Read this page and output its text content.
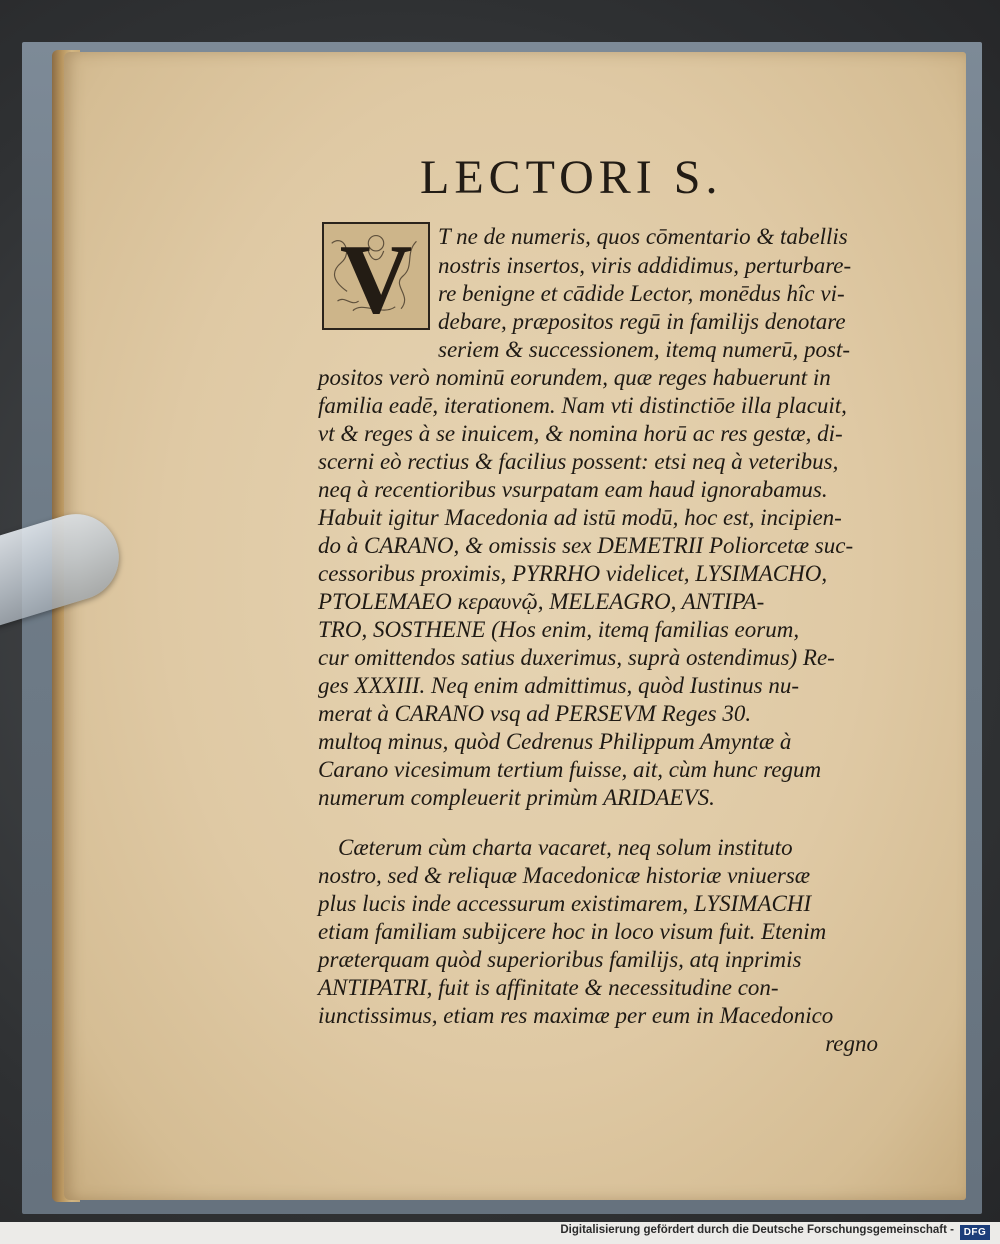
LECTORI S.
V T ne de numeris, quos cōmentario & tabellis
nostris insertos, viris addidimus, perturbare-
re benigne et cādide Lector, monēdus hîc vi-
debare, præpositos regū in familijs denotare
seriem & successionem, itemq numerū, post-
positos verò nominū eorundem, quæ reges habuerunt in
familia eadē, iterationem. Nam vti distinctiōe illa placuit,
vt & reges à se inuicem, & nomina horū ac res gestæ, di-
scerni eò rectius & facilius possent: etsi neq à veteribus,
neq à recentioribus vsurpatam eam haud ignorabamus.
Habuit igitur Macedonia ad istū modū, hoc est, incipien-
do à CARANO, & omissis sex DEMETRII Poliorcetæ suc-
cessoribus proximis, PYRRHO videlicet, LYSIMACHO,
PTOLEMAEO κεραυνῷ, MELEAGRO, ANTIPA-
TRO, SOSTHENE (Hos enim, itemq familias eorum,
cur omittendos satius duxerimus, suprà ostendimus) Re-
ges XXXIII. Neq enim admittimus, quòd Iustinus nu-
merat à CARANO vsq ad PERSEVM Reges 30.
multoq minus, quòd Cedrenus Philippum Amyntæ à
Carano vicesimum tertium fuisse, ait, cùm hunc regum
numerum compleuerit primùm ARIDAEVS.
Cæterum cùm charta vacaret, neq solum instituto
nostro, sed & reliquæ Macedonicæ historiæ vniuersæ
plus lucis inde accessurum existimarem, LYSIMACHI
etiam familiam subijcere hoc in loco visum fuit. Etenim
præterquam quòd superioribus familijs, atq inprimis
ANTIPATRI, fuit is affinitate & necessitudine con-
iunctissimus, etiam res maximæ per eum in Macedonico
regno
Digitalisierung gefördert durch die Deutsche Forschungsgemeinschaft - DFG
